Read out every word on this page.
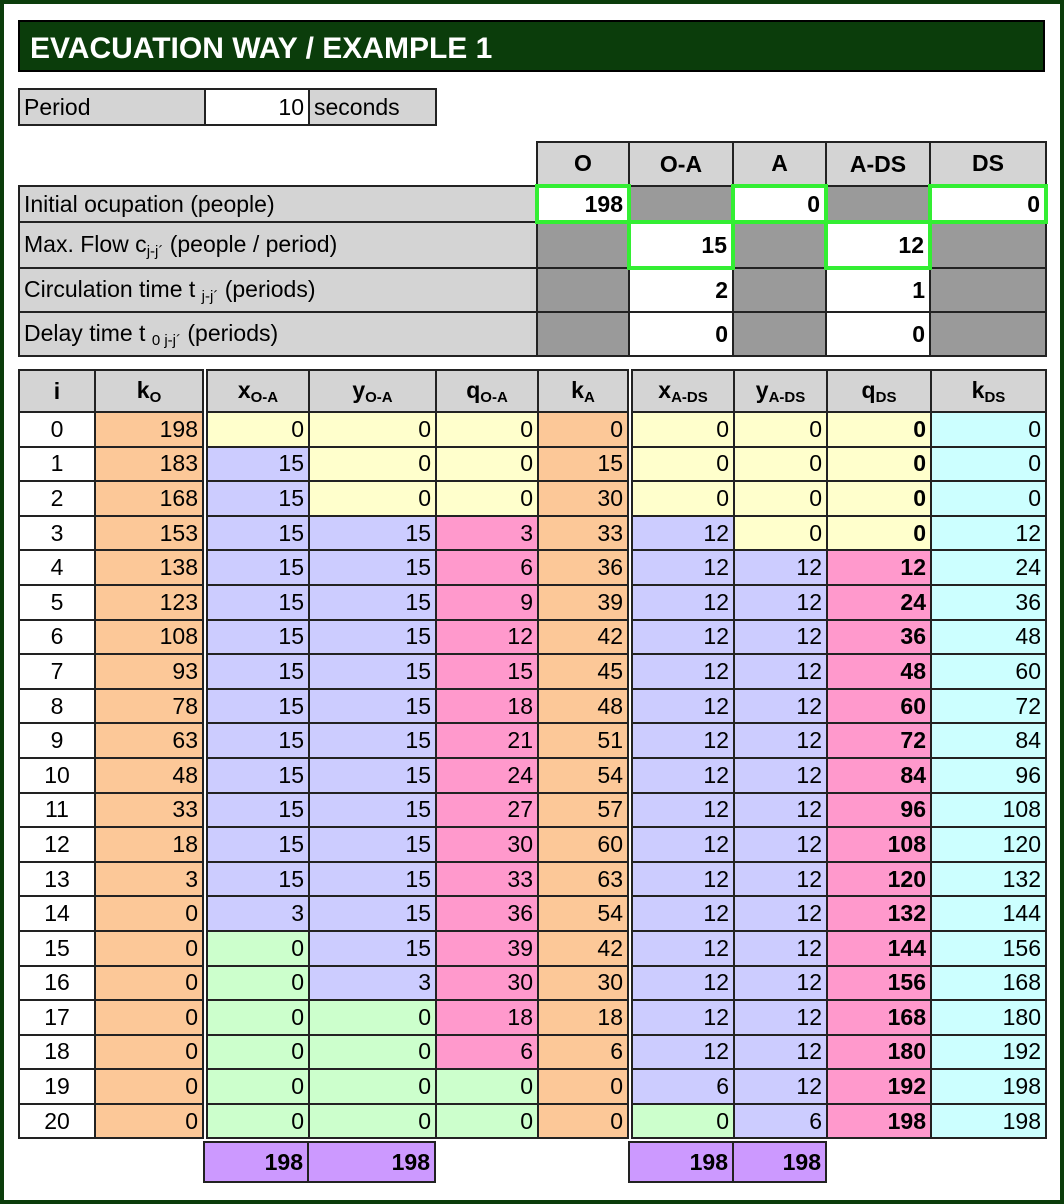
EVACUATION WAY / EXAMPLE 1
Period	10	seconds
	O	O-A	A	A-DS	DS
Initial ocupation (people)	198		0		0
Max. Flow $c_{j-j´}$ (people / period)		15		12	
Circulation time t $_{j-j´}$ (periods)		2		1	
Delay time t $_{0 j-j´}$ (periods)		0		0	
i	$k_O$	$x_{O-A}$	$y_{O-A}$	$q_{O-A}$	$k_A$	$x_{A-DS}$	$y_{A-DS}$	$q_{DS}$	$k_{DS}$
0	198	0	0	0	0	0	0	0	0
1	183	15	0	0	15	0	0	0	0
2	168	15	0	0	30	0	0	0	0
3	153	15	15	3	33	12	0	0	12
4	138	15	15	6	36	12	12	12	24
5	123	15	15	9	39	12	12	24	36
6	108	15	15	12	42	12	12	36	48
7	93	15	15	15	45	12	12	48	60
8	78	15	15	18	48	12	12	60	72
9	63	15	15	21	51	12	12	72	84
10	48	15	15	24	54	12	12	84	96
11	33	15	15	27	57	12	12	96	108
12	18	15	15	30	60	12	12	108	120
13	3	15	15	33	63	12	12	120	132
14	0	3	15	36	54	12	12	132	144
15	0	0	15	39	42	12	12	144	156
16	0	0	3	30	30	12	12	156	168
17	0	0	0	18	18	12	12	168	180
18	0	0	0	6	6	12	12	180	192
19	0	0	0	0	0	6	12	192	198
20	0	0	0	0	0	0	6	198	198
		198	198			198	198		
